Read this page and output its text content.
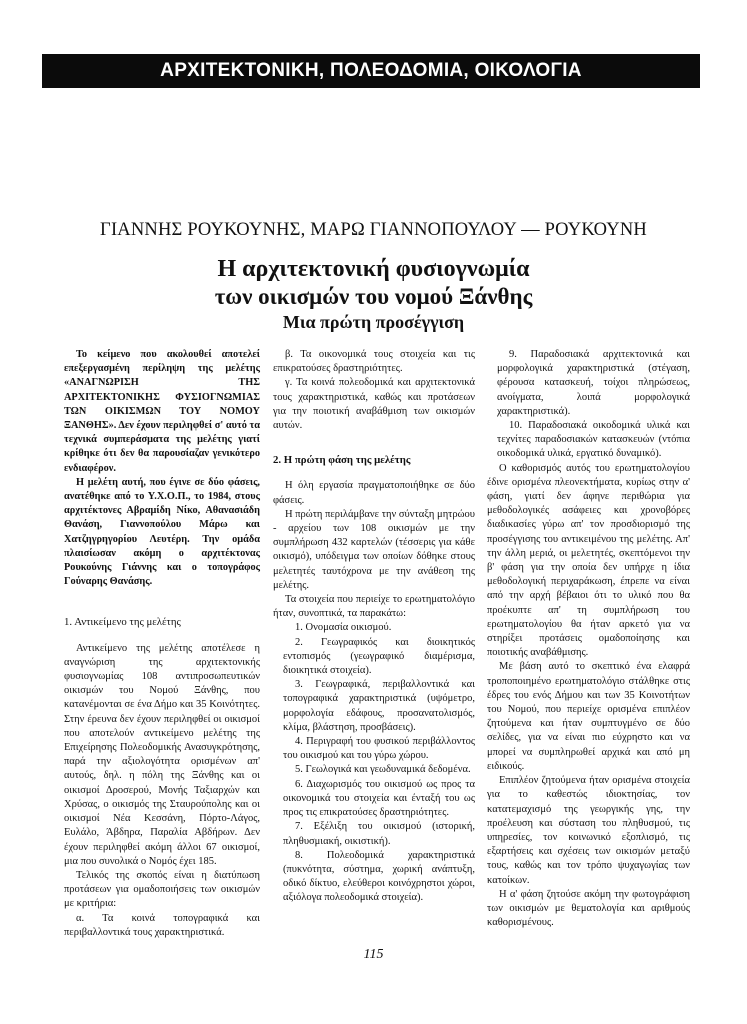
ΑΡΧΙΤΕΚΤΟΝΙΚΗ, ΠΟΛΕΟΔΟΜΙΑ, ΟΙΚΟΛΟΓΙΑ
ΓΙΑΝΝΗΣ ΡΟΥΚΟΥΝΗΣ, ΜΑΡΩ ΓΙΑΝΝΟΠΟΥΛΟΥ — ΡΟΥΚΟΥΝΗ
Η αρχιτεκτονική φυσιογνωμία
των οικισμών του νομού Ξάνθης
Μια πρώτη προσέγγιση

Το κείμενο που ακολουθεί αποτελεί επεξεργασμένη περίληψη της μελέτης «ΑΝΑΓΝΩΡΙΣΗ ΤΗΣ ΑΡΧΙΤΕΚΤΟΝΙΚΗΣ ΦΥΣΙΟΓΝΩΜΙΑΣ ΤΩΝ ΟΙΚΙΣΜΩΝ ΤΟΥ ΝΟΜΟΥ ΞΑΝΘΗΣ». Δεν έχουν περιληφθεί σ' αυτό τα τεχνικά συμπεράσματα της μελέτης γιατί κρίθηκε ότι δεν θα παρουσίαζαν γενικότερο ενδιαφέρον.

Η μελέτη αυτή, που έγινε σε δύο φάσεις, ανατέθηκε από το Υ.Χ.Ο.Π., το 1984, στους αρχιτέκτονες Αβραμίδη Νίκο, Αθανασιάδη Θανάση, Γιαννοπούλου Μάρω και Χατζηγρηγορίου Λευτέρη. Την ομάδα πλαισίωσαν ακόμη ο αρχιτέκτονας Ρουκούνης Γιάννης και ο τοπογράφος Γούναρης Θανάσης.

1. Αντικείμενο της μελέτης

Αντικείμενο της μελέτης αποτέλεσε η αναγνώριση της αρχιτεκτονικής φυσιογνωμίας 108 αντιπροσωπευτικών οικισμών του Νομού Ξάνθης, που κατανέμονται σε ένα Δήμο και 35 Κοινότητες. Στην έρευνα δεν έχουν περιληφθεί οι οικισμοί που αποτελούν αντικείμενο μελέτης της Επιχείρησης Πολεοδομικής Ανασυγκρότησης, παρά την αξιολογότητα ορισμένων απ' αυτούς, δηλ. η πόλη της Ξάνθης και οι οικισμοί Δροσερού, Μονής Ταξιαρχών και Χρύσας, ο οικισμός της Σταυρούπολης και οι οικισμοί Νέα Κεσσάνη, Πόρτο-Λάγος, Ευλάλο, Άβδηρα, Παραλία Αβδήρων. Δεν έχουν περιληφθεί ακόμη άλλοι 67 οικισμοί, μια που συνολικά ο Νομός έχει 185.

Τελικός της σκοπός είναι η διατύπωση προτάσεων για ομαδοποιήσεις των οικισμών με κριτήρια:

α. Τα κοινά τοπογραφικά και περιβαλλοντικά τους χαρακτηριστικά.

β. Τα οικονομικά τους στοιχεία και τις επικρατούσες δραστηριότητες.

γ. Τα κοινά πολεοδομικά και αρχιτεκτονικά τους χαρακτηριστικά, καθώς και προτάσεων για την ποιοτική αναβάθμιση των οικισμών αυτών.

2. Η πρώτη φάση της μελέτης

Η όλη εργασία πραγματοποιήθηκε σε δύο φάσεις.

Η πρώτη περιλάμβανε την σύνταξη μητρώου - αρχείου των 108 οικισμών με την συμπλήρωση 432 καρτελών (τέσσερις για κάθε οικισμό), υπόδειγμα των οποίων δόθηκε στους μελετητές ταυτόχρονα με την ανάθεση της μελέτης.

Τα στοιχεία που περιείχε το ερωτηματολόγιο ήταν, συνοπτικά, τα παρακάτω:

1. Ονομασία οικισμού.

2. Γεωγραφικός και διοικητικός εντοπισμός (γεωγραφικό διαμέρισμα, διοικητικά στοιχεία).

3. Γεωγραφικά, περιβαλλοντικά και τοπογραφικά χαρακτηριστικά (υψόμετρο, μορφολογία εδάφους, προσανατολισμός, κλίμα, βλάστηση, προσβάσεις).

4. Περιγραφή του φυσικού περιβάλλοντος του οικισμού και του γύρω χώρου.

5. Γεωλογικά και γεωδυναμικά δεδομένα.

6. Διαχωρισμός του οικισμού ως προς τα οικονομικά του στοιχεία και ένταξή του ως προς τις επικρατούσες δραστηριότητες.

7. Εξέλιξη του οικισμού (ιστορική, πληθυσμιακή, οικιστική).

8. Πολεοδομικά χαρακτηριστικά (πυκνότητα, σύστημα, χωρική ανάπτυξη, οδικό δίκτυο, ελεύθεροι κοινόχρηστοι χώροι, αξιόλογα πολεοδομικά στοιχεία).

9. Παραδοσιακά αρχιτεκτονικά και μορφολογικά χαρακτηριστικά (στέγαση, φέρουσα κατασκευή, τοίχοι πληρώσεως, ανοίγματα, λοιπά μορφολογικά χαρακτηριστικά).

10. Παραδοσιακά οικοδομικά υλικά και τεχνίτες παραδοσιακών κατασκευών (ντόπια οικοδομικά υλικά, εργατικό δυναμικό).

Ο καθορισμός αυτός του ερωτηματολογίου έδινε ορισμένα πλεονεκτήματα, κυρίως στην α' φάση, γιατί δεν άφηνε περιθώρια για μεθοδολογικές ασάφειες και χρονοβόρες διαδικασίες γύρω απ' τον προσδιορισμό της προσέγγισης του αντικειμένου της μελέτης. Απ' την άλλη μεριά, οι μελετητές, σκεπτόμενοι την β' φάση για την οποία δεν υπήρχε η ίδια μεθοδολογική περιχαράκωση, έπρεπε να είναι από την αρχή βέβαιοι ότι το υλικό που θα προέκυπτε απ' τη συμπλήρωση του ερωτηματολογίου θα ήταν αρκετό για να στηρίξει προτάσεις ομαδοποίησης και ποιοτικής αναβάθμισης.

Με βάση αυτό το σκεπτικό ένα ελαφρά τροποποιημένο ερωτηματολόγιο στάλθηκε στις έδρες του ενός Δήμου και των 35 Κοινοτήτων του Νομού, που περιείχε ορισμένα επιπλέον ζητούμενα και ήταν συμπτυγμένο σε δύο σελίδες, για να είναι πιο εύχρηστο και να μπορεί να συμπληρωθεί αρχικά και από μη ειδικούς.

Επιπλέον ζητούμενα ήταν ορισμένα στοιχεία για το καθεστώς ιδιοκτησίας, τον κατατεμαχισμό της γεωργικής γης, την προέλευση και σύσταση του πληθυσμού, τις υπηρεσίες, τον κοινωνικό εξοπλισμό, τις εξαρτήσεις και σχέσεις των οικισμών μεταξύ τους, καθώς και τον τρόπο ψυχαγωγίας των κατοίκων.

Η α' φάση ζητούσε ακόμη την φωτογράφιση των οικισμών με θεματολογία και αριθμούς καθορισμένους.

115
